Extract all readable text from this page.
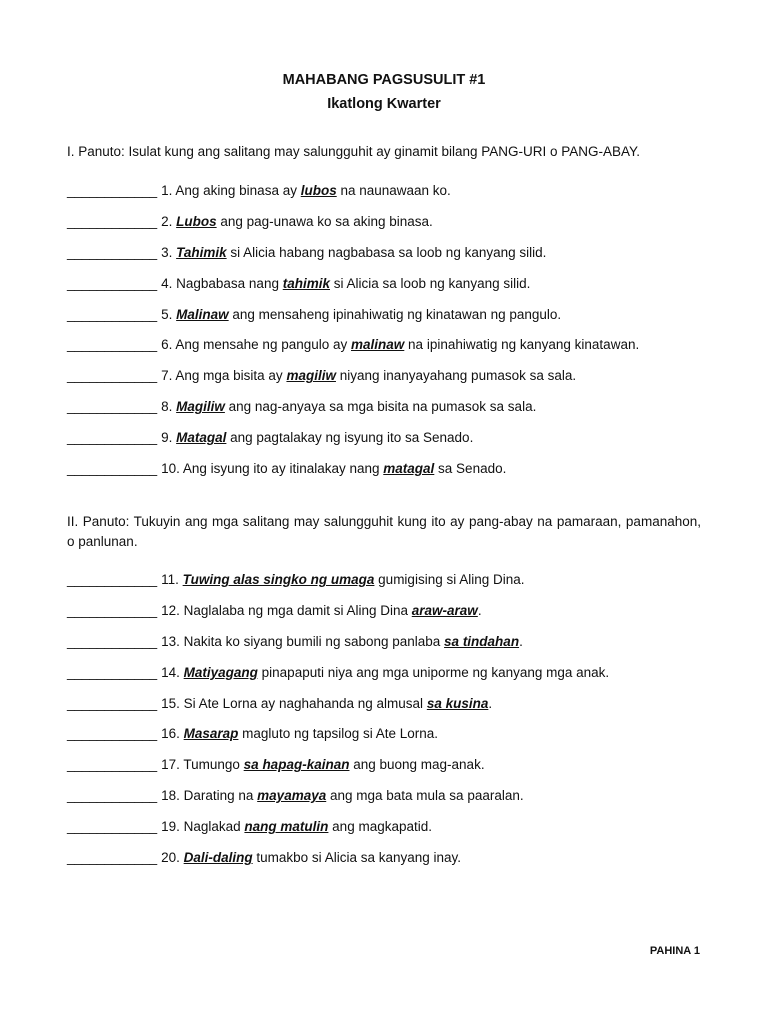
MAHABANG PAGSUSULIT #1
Ikatlong Kwarter
I. Panuto: Isulat kung ang salitang may salungguhit ay ginamit bilang PANG-URI o PANG-ABAY.
____________ 1. Ang aking binasa ay lubos na naunawaan ko.
____________ 2. Lubos ang pag-unawa ko sa aking binasa.
____________ 3. Tahimik si Alicia habang nagbabasa sa loob ng kanyang silid.
____________ 4. Nagbabasa nang tahimik si Alicia sa loob ng kanyang silid.
____________ 5. Malinaw ang mensaheng ipinahiwatig ng kinatawan ng pangulo.
____________ 6. Ang mensahe ng pangulo ay malinaw na ipinahiwatig ng kanyang kinatawan.
____________ 7. Ang mga bisita ay magiliw niyang inanyayahang pumasok sa sala.
____________ 8. Magiliw ang nag-anyaya sa mga bisita na pumasok sa sala.
____________ 9. Matagal ang pagtalakay ng isyung ito sa Senado.
____________ 10. Ang isyung ito ay itinalakay nang matagal sa Senado.
II. Panuto: Tukuyin ang mga salitang may salungguhit kung ito ay pang-abay na pamaraan, pamanahon, o panlunan.
____________ 11. Tuwing alas singko ng umaga gumigising si Aling Dina.
____________ 12. Naglalaba ng mga damit si Aling Dina araw-araw.
____________ 13. Nakita ko siyang bumili ng sabong panlaba sa tindahan.
____________ 14. Matiyagang pinapaputi niya ang mga uniporme ng kanyang mga anak.
____________ 15. Si Ate Lorna ay naghahanda ng almusal sa kusina.
____________ 16. Masarap magluto ng tapsilog si Ate Lorna.
____________ 17. Tumungo sa hapag-kainan ang buong mag-anak.
____________ 18. Darating na mayamaya ang mga bata mula sa paaralan.
____________ 19. Naglakad nang matulin ang magkapatid.
____________ 20. Dali-daling tumakbo si Alicia sa kanyang inay.
PAHINA 1
